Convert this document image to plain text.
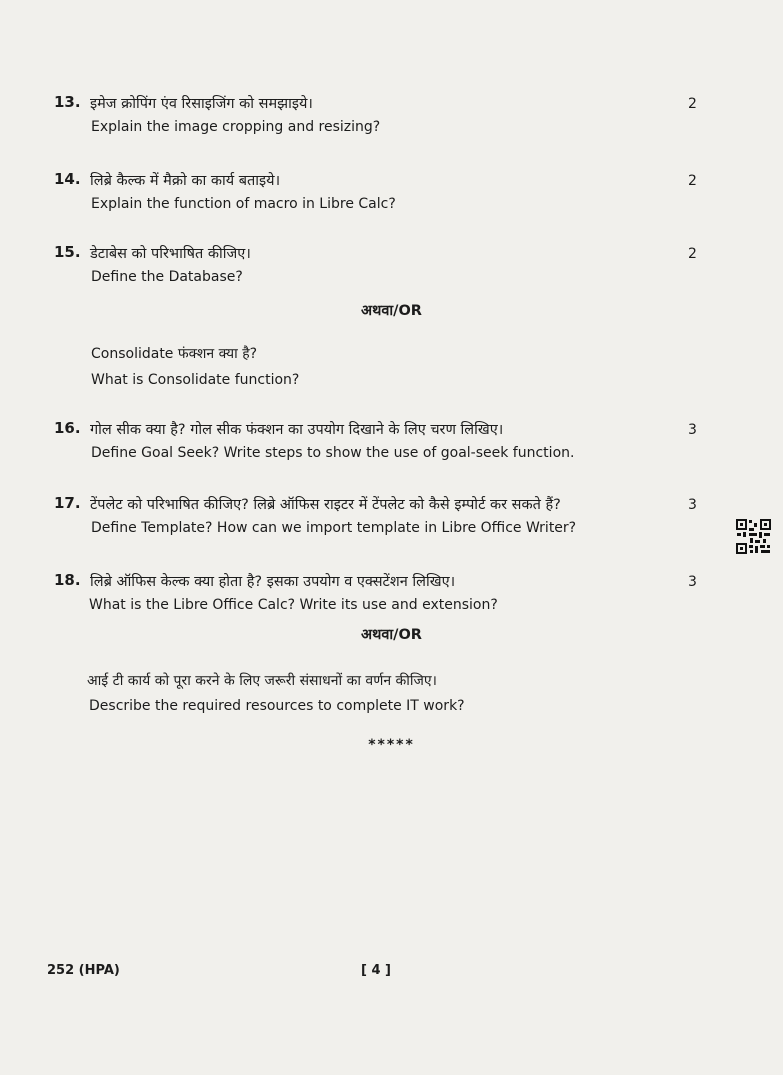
13. इमेज क्रोपिंग एंव रिसाइजिंग को समझाइये।
Explain the image cropping and resizing?
2
14. लिब्रे कैल्क में मैक्रो का कार्य बताइये।
Explain the function of macro in Libre Calc?
2
15. डेटाबेस को परिभाषित कीजिए।
Define the Database?
2
अथवा/OR
Consolidate फंक्शन क्या है?
What is Consolidate function?
16. गोल सीक क्या है? गोल सीक फंक्शन का उपयोग दिखाने के लिए चरण लिखिए।
Define Goal Seek? Write steps to show the use of goal-seek function.
3
17. टेंपलेट को परिभाषित कीजिए? लिब्रे ऑफिस राइटर में टेंपलेट को कैसे इम्पोर्ट कर सकते हैं?
Define Template? How can we import template in Libre Office Writer?
3
18. लिब्रे ऑफिस केल्क क्या होता है? इसका उपयोग व एक्सटेंशन लिखिए।
What is the Libre Office Calc? Write its use and extension?
3
अथवा/OR
आई टी कार्य को पूरा करने के लिए जरूरी संसाधनों का वर्णन कीजिए।
Describe the required resources to complete IT work?
*****
252 (HPA)	[ 4 ]
